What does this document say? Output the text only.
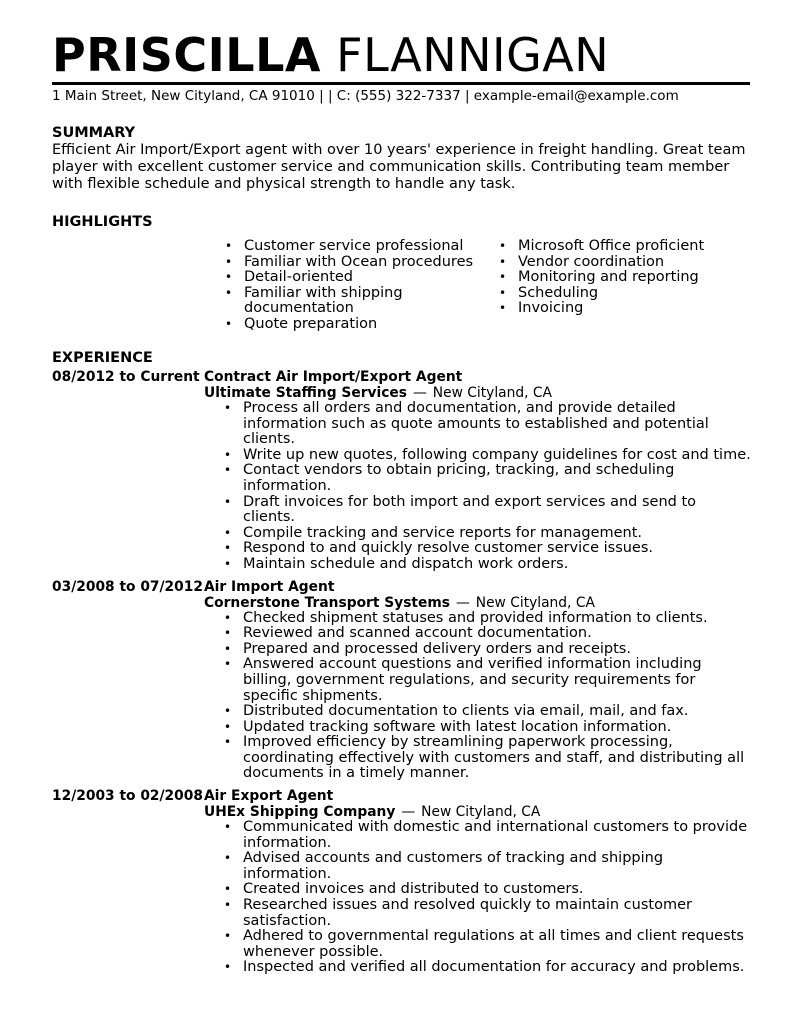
PRISCILLA FLANNIGAN
1 Main Street, New Cityland, CA 91010 | | C: (555) 322-7337 | example-email@example.com
SUMMARY
Efficient Air Import/Export agent with over 10 years' experience in freight handling. Great team player with excellent customer service and communication skills. Contributing team member with flexible schedule and physical strength to handle any task.
HIGHLIGHTS
• Customer service professional
• Familiar with Ocean procedures
• Detail-oriented
• Familiar with shipping documentation
• Quote preparation
• Microsoft Office proficient
• Vendor coordination
• Monitoring and reporting
• Scheduling
• Invoicing
EXPERIENCE
08/2012 to Current Contract Air Import/Export Agent
Ultimate Staffing Services — New Cityland, CA
• Process all orders and documentation, and provide detailed information such as quote amounts to established and potential clients.
• Write up new quotes, following company guidelines for cost and time.
• Contact vendors to obtain pricing, tracking, and scheduling information.
• Draft invoices for both import and export services and send to clients.
• Compile tracking and service reports for management.
• Respond to and quickly resolve customer service issues.
• Maintain schedule and dispatch work orders.
03/2008 to 07/2012 Air Import Agent
Cornerstone Transport Systems — New Cityland, CA
• Checked shipment statuses and provided information to clients.
• Reviewed and scanned account documentation.
• Prepared and processed delivery orders and receipts.
• Answered account questions and verified information including billing, government regulations, and security requirements for specific shipments.
• Distributed documentation to clients via email, mail, and fax.
• Updated tracking software with latest location information.
• Improved efficiency by streamlining paperwork processing, coordinating effectively with customers and staff, and distributing all documents in a timely manner.
12/2003 to 02/2008 Air Export Agent
UHEx Shipping Company — New Cityland, CA
• Communicated with domestic and international customers to provide information.
• Advised accounts and customers of tracking and shipping information.
• Created invoices and distributed to customers.
• Researched issues and resolved quickly to maintain customer satisfaction.
• Adhered to governmental regulations at all times and client requests whenever possible.
• Inspected and verified all documentation for accuracy and problems.
